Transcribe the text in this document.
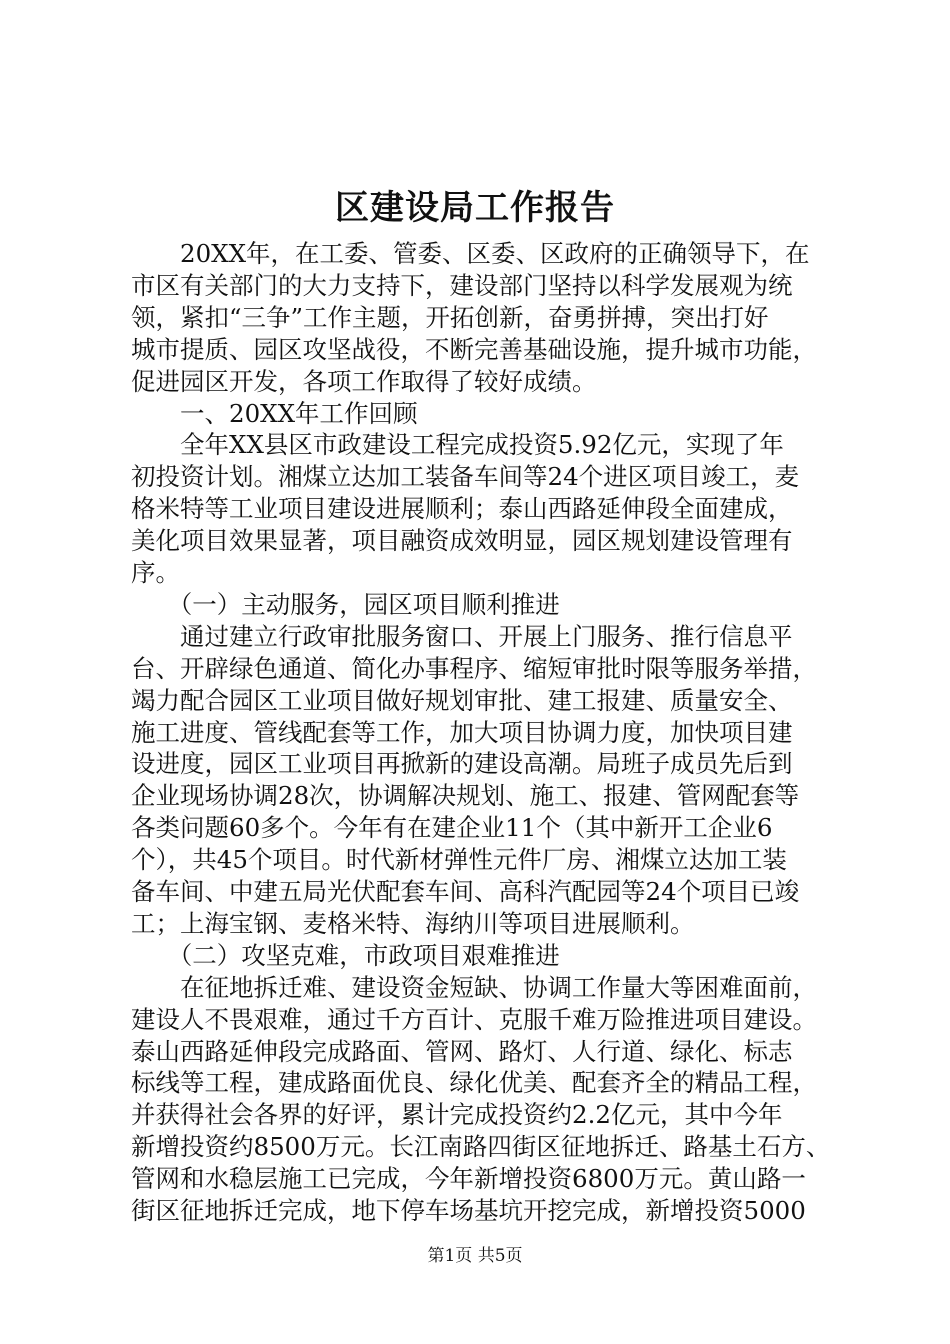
区建设局工作报告
　　20XX年，在工委、管委、区委、区政府的正确领导下，在
市区有关部门的大力支持下，建设部门坚持以科学发展观为统
领，紧扣“三争”工作主题，开拓创新，奋勇拼搏，突出打好
城市提质、园区攻坚战役，不断完善基础设施，提升城市功能，
促进园区开发，各项工作取得了较好成绩。
　　一、20XX年工作回顾
　　全年XX县区市政建设工程完成投资5.92亿元，实现了年
初投资计划。湘煤立达加工装备车间等24个进区项目竣工，麦
格米特等工业项目建设进展顺利；泰山西路延伸段全面建成，
美化项目效果显著，项目融资成效明显，园区规划建设管理有
序。
　　（一）主动服务，园区项目顺利推进
　　通过建立行政审批服务窗口、开展上门服务、推行信息平
台、开辟绿色通道、简化办事程序、缩短审批时限等服务举措，
竭力配合园区工业项目做好规划审批、建工报建、质量安全、
施工进度、管线配套等工作，加大项目协调力度，加快项目建
设进度，园区工业项目再掀新的建设高潮。局班子成员先后到
企业现场协调28次，协调解决规划、施工、报建、管网配套等
各类问题60多个。今年有在建企业11个（其中新开工企业6
个），共45个项目。时代新材弹性元件厂房、湘煤立达加工装
备车间、中建五局光伏配套车间、高科汽配园等24个项目已竣
工；上海宝钢、麦格米特、海纳川等项目进展顺利。
　　（二）攻坚克难，市政项目艰难推进
　　在征地拆迁难、建设资金短缺、协调工作量大等困难面前，
建设人不畏艰难，通过千方百计、克服千难万险推进项目建设。
泰山西路延伸段完成路面、管网、路灯、人行道、绿化、标志
标线等工程，建成路面优良、绿化优美、配套齐全的精品工程，
并获得社会各界的好评，累计完成投资约2.2亿元，其中今年
新增投资约8500万元。长江南路四街区征地拆迁、路基土石方、
管网和水稳层施工已完成，今年新增投资6800万元。黄山路一
街区征地拆迁完成，地下停车场基坑开挖完成，新增投资5000
第1页 共5页
